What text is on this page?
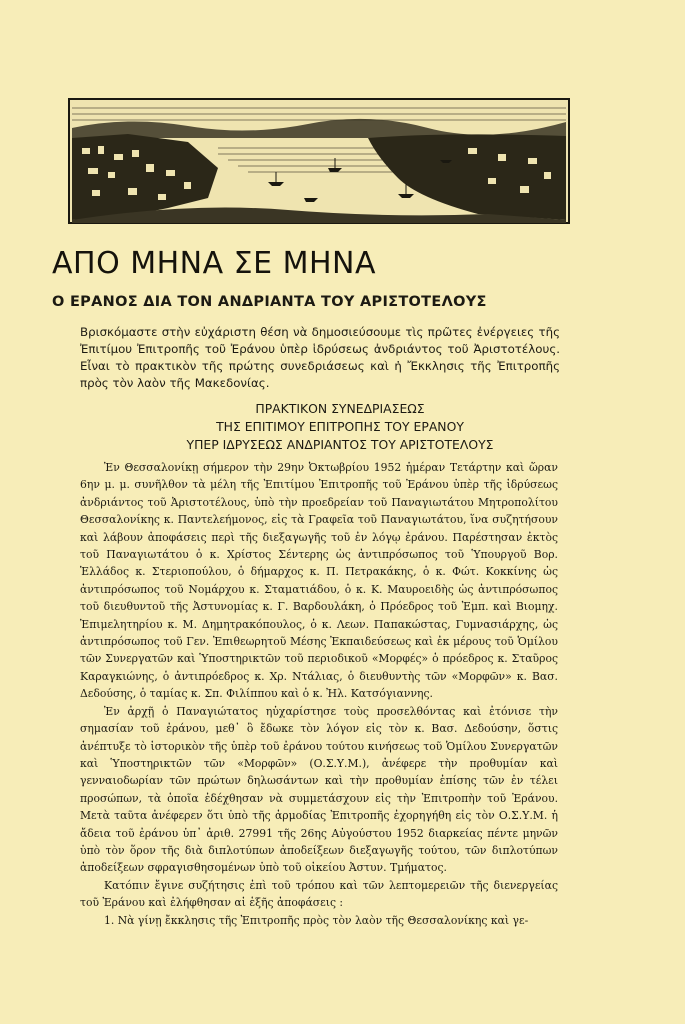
ΑΠΟ ΜΗΝΑ ΣΕ ΜΗΝΑ
Ο ΕΡΑΝΟΣ ΔΙΑ ΤΟΝ ΑΝΔΡΙΑΝΤΑ ΤΟΥ ΑΡΙΣΤΟΤΕΛΟΥΣ

Βρισκόμαστε στὴν εὐχάριστη θέση νὰ δημοσιεύσουμε τὶς πρῶτες ἐνέργειες τῆς Ἐπιτίμου Ἐπιτροπῆς τοῦ Ἐράνου ὑπὲρ ἱδρύσεως ἀνδριάντος τοῦ Ἀριστοτέλους. Εἶναι τὸ πρακτικὸν τῆς πρώτης συνεδριάσεως καὶ ἡ Ἔκκλησις τῆς Ἐπιτροπῆς πρὸς τὸν λαὸν τῆς Μακεδονίας.

ΠΡΑΚΤΙΚΟΝ ΣΥΝΕΔΡΙΑΣΕΩΣ
ΤΗΣ ΕΠΙΤΙΜΟΥ ΕΠΙΤΡΟΠΗΣ ΤΟΥ ΕΡΑΝΟΥ
ΥΠΕΡ ΙΔΡΥΣΕΩΣ ΑΝΔΡΙΑΝΤΟΣ ΤΟΥ ΑΡΙΣΤΟΤΕΛΟΥΣ

Ἐν Θεσσαλονίκῃ σήμερον τὴν 29ην Ὀκτωβρίου 1952 ἡμέραν Τετάρτην καὶ ὥραν 6ην μ. μ. συνῆλθον τὰ μέλη τῆς Ἐπιτίμου Ἐπιτροπῆς τοῦ Ἐράνου ὑπὲρ τῆς ἱδρύσεως ἀνδριάντος τοῦ Ἀριστοτέλους, ὑπὸ τὴν προεδρείαν τοῦ Παναγιωτάτου Μητροπολίτου Θεσσαλονίκης κ. Παντελεήμονος, εἰς τὰ Γραφεῖα τοῦ Παναγιωτάτου, ἵνα συζητήσουν καὶ λάβουν ἀποφάσεις περὶ τῆς διεξαγωγῆς τοῦ ἐν λόγῳ ἐράνου. Παρέστησαν ἐκτὸς τοῦ Παναγιωτάτου ὁ κ. Χρίστος Σέντερης ὡς ἀντιπρόσωπος τοῦ Ὑπουργοῦ Βορ. Ἑλλάδος κ. Στεριοπούλου, ὁ δήμαρχος κ. Π. Πετρακάκης, ὁ κ. Φώτ. Κοκκίνης ὡς ἀντιπρόσωπος τοῦ Νομάρχου κ. Σταματιάδου, ὁ κ. Κ. Μαυροειδὴς ὡς ἀντιπρόσωπος τοῦ διευθυντοῦ τῆς Ἀστυνομίας κ. Γ. Βαρδουλάκη, ὁ Πρόεδρος τοῦ Ἐμπ. καὶ Βιομηχ. Ἐπιμελητηρίου κ. Μ. Δημητρακόπουλος, ὁ κ. Λεων. Παπακώστας, Γυμνασιάρχης, ὡς ἀντιπρόσωπος τοῦ Γεν. Ἐπιθεωρητοῦ Μέσης Ἐκπαιδεύσεως καὶ ἐκ μέρους τοῦ Ὁμίλου τῶν Συνεργατῶν καὶ Ὑποστηρικτῶν τοῦ περιοδικοῦ «Μορφές» ὁ πρόεδρος κ. Σταῦρος Καραγκιώνης, ὁ ἀντιπρόεδρος κ. Χρ. Ντάλιας, ὁ διευθυντὴς τῶν «Μορφῶν» κ. Βασ. Δεδούσης, ὁ ταμίας κ. Σπ. Φιλίππου καὶ ὁ κ. Ἠλ. Κατσόγιαννης.

Ἐν ἀρχῇ ὁ Παναγιώτατος ηὐχαρίστησε τοὺς προσελθόντας καὶ ἐτόνισε τὴν σημασίαν τοῦ ἐράνου, μεθ᾿ ὃ ἔδωκε τὸν λόγον εἰς τὸν κ. Βασ. Δεδούσην, ὅστις ἀνέπτυξε τὸ ἱστορικὸν τῆς ὑπὲρ τοῦ ἐράνου τούτου κινήσεως τοῦ Ὁμίλου Συνεργατῶν καὶ Ὑποστηρικτῶν τῶν «Μορφῶν» (Ο.Σ.Υ.Μ.), ἀνέφερε τὴν προθυμίαν καὶ γενναιοδωρίαν τῶν πρώτων δηλωσάντων καὶ τὴν προθυμίαν ἐπίσης τῶν ἐν τέλει προσώπων, τὰ ὁποῖα ἐδέχθησαν νὰ συμμετάσχουν εἰς τὴν Ἐπιτροπὴν τοῦ Ἐράνου. Μετὰ ταῦτα ἀνέφερεν ὅτι ὑπὸ τῆς ἁρμοδίας Ἐπιτροπῆς ἐχορηγήθη εἰς τὸν Ο.Σ.Υ.Μ. ἡ ἄδεια τοῦ ἐράνου ὑπ᾿ ἀριθ. 27991 τῆς 26ης Αὐγούστου 1952 διαρκείας πέντε μηνῶν ὑπὸ τὸν ὅρον τῆς διὰ διπλοτύπων ἀποδείξεων διεξαγωγῆς τούτου, τῶν διπλοτύπων ἀποδείξεων σφραγισθησομένων ὑπὸ τοῦ οἰκείου Ἀστυν. Τμήματος.

Κατόπιν ἔγινε συζήτησις ἐπὶ τοῦ τρόπου καὶ τῶν λεπτομερειῶν τῆς διενεργείας τοῦ Ἐράνου καὶ ἐλήφθησαν αἱ ἑξῆς ἀποφάσεις :

1. Νὰ γίνῃ ἔκκλησις τῆς Ἐπιτροπῆς πρὸς τὸν λαὸν τῆς Θεσσαλονίκης καὶ γε-
